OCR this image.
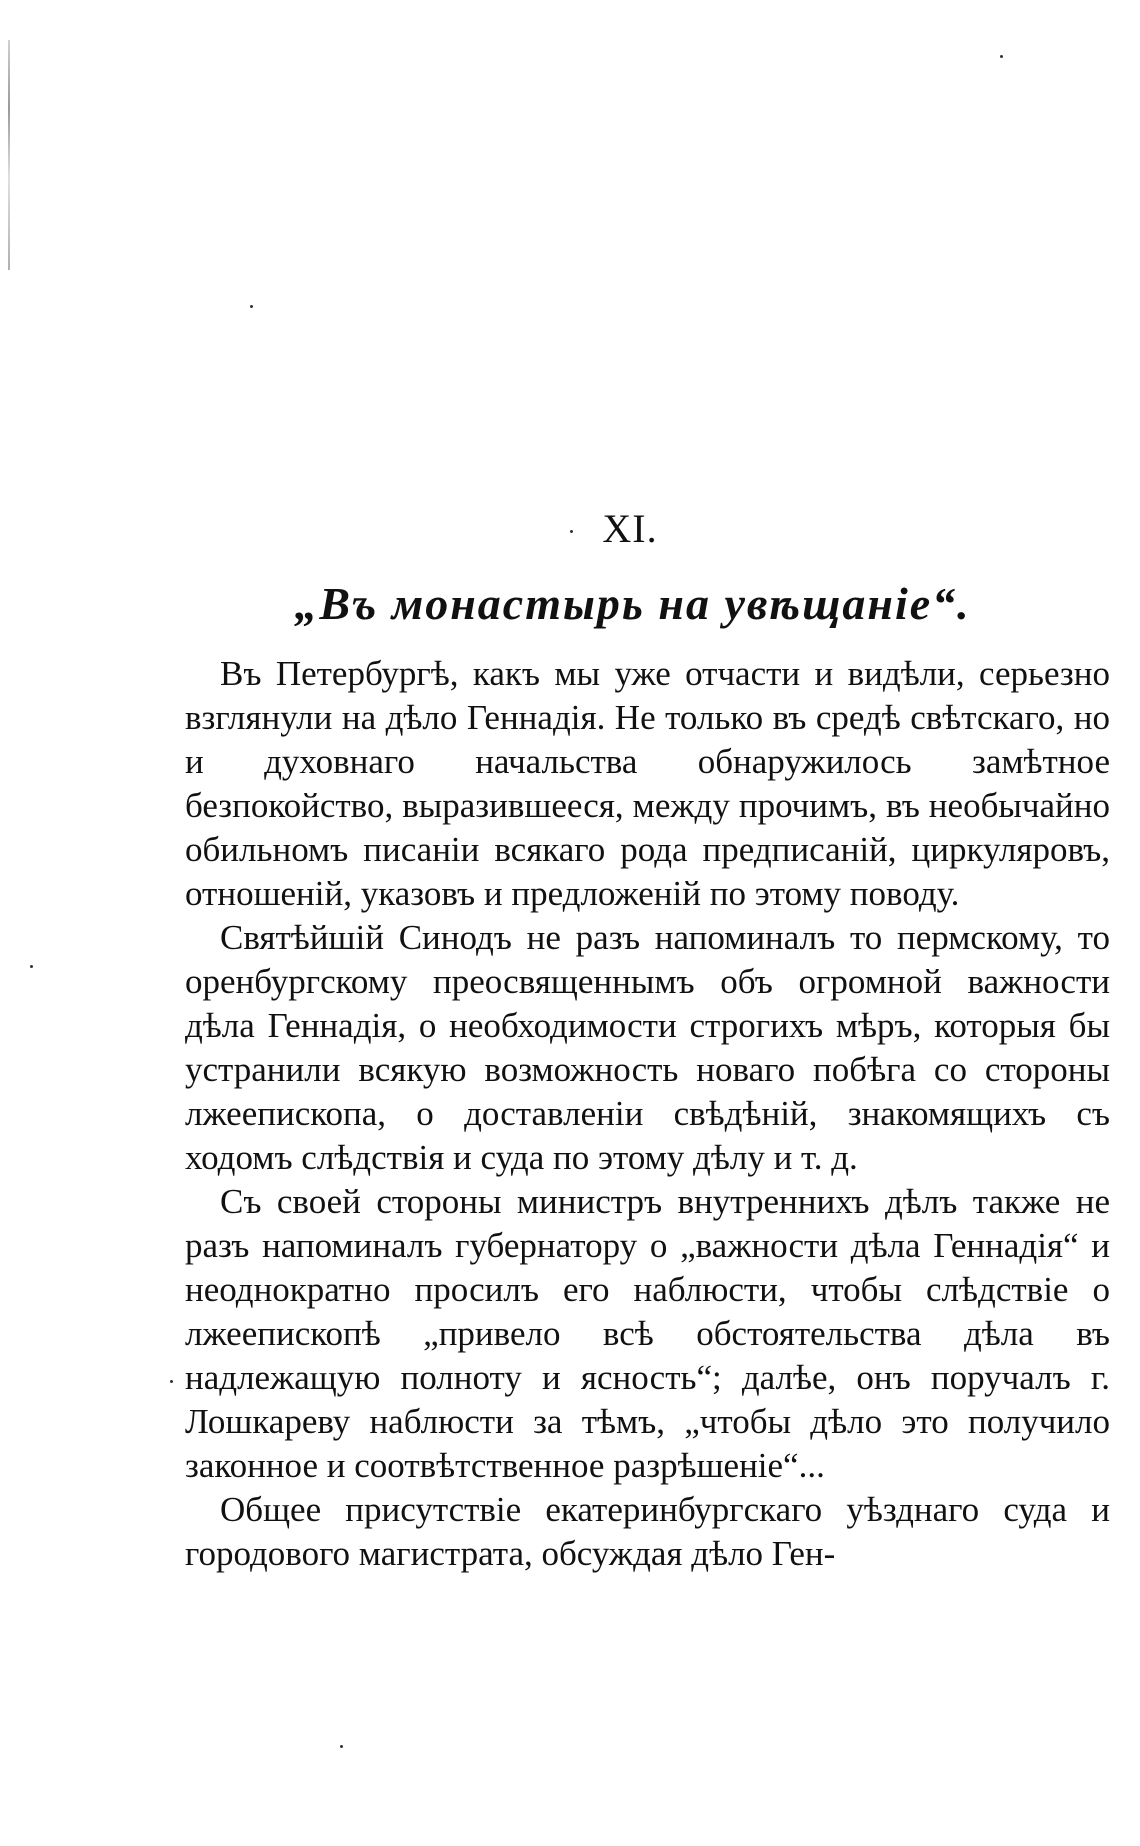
XI.
„Въ монастырь на увѣщаніе“.

Въ Петербургѣ, какъ мы уже отчасти и видѣли, серьезно взглянули на дѣло Геннадія. Не только въ средѣ свѣтскаго, но и духовнаго начальства обнаружилось замѣтное безпокойство, выразившееся, между прочимъ, въ необычайно обильномъ писаніи всякаго рода предписаній, циркуляровъ, отношеній, указовъ и предложеній по этому поводу.

Святѣйшій Синодъ не разъ напоминалъ то пермскому, то оренбургскому преосвященнымъ объ огромной важности дѣла Геннадія, о необходимости строгихъ мѣръ, которыя бы устранили всякую возможность новаго побѣга со стороны лжеепископа, о доставленіи свѣдѣній, знакомящихъ съ ходомъ слѣдствія и суда по этому дѣлу и т. д.

Съ своей стороны министръ внутреннихъ дѣлъ также не разъ напоминалъ губернатору о „важности дѣла Геннадія“ и неоднократно просилъ его наблюсти, чтобы слѣдствіе о лжеепископѣ „привело всѣ обстоятельства дѣла въ надлежащую полноту и ясность“; далѣе, онъ поручалъ г. Лошкареву наблюсти за тѣмъ, „чтобы дѣло это получило законное и соотвѣтственное разрѣшеніе“...

Общее присутствіе екатеринбургскаго уѣзднаго суда и городового магистрата, обсуждая дѣло Ген-
